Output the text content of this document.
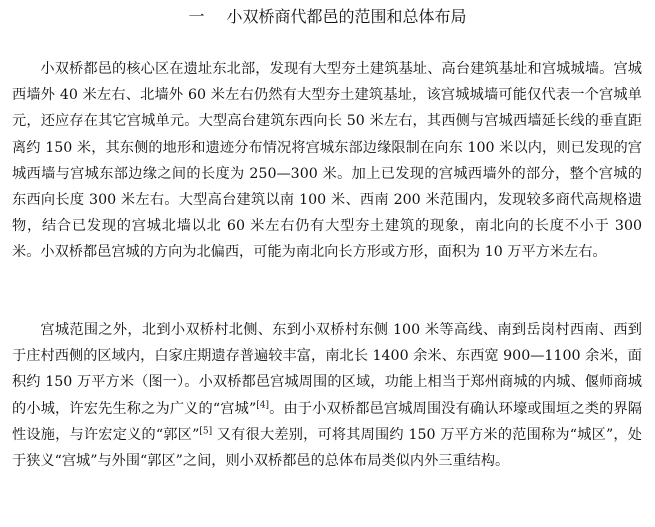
一 小双桥商代都邑的范围和总体布局

小双桥都邑的核心区在遗址东北部，发现有大型夯土建筑基址、高台建筑基址和宫城城墙。宫城西墙外 40 米左右、北墙外 60 米左右仍然有大型夯土建筑基址，该宫城城墙可能仅代表一个宫城单元，还应存在其它宫城单元。大型高台建筑东西向长 50 米左右，其西侧与宫城西墙延长线的垂直距离约 150 米，其东侧的地形和遗迹分布情况将宫城东部边缘限制在向东 100 米以内，则已发现的宫城西墙与宫城东部边缘之间的长度为 250—300 米。加上已发现的宫城西墙外的部分，整个宫城的东西向长度 300 米左右。大型高台建筑以南 100 米、西南 200 米范围内，发现较多商代高规格遗物，结合已发现的宫城北墙以北 60 米左右仍有大型夯土建筑的现象，南北向的长度不小于 300 米。小双桥都邑宫城的方向为北偏西，可能为南北向长方形或方形，面积为 10 万平方米左右。

宫城范围之外，北到小双桥村北侧、东到小双桥村东侧 100 米等高线、南到岳岗村西南、西到于庄村西侧的区域内，白家庄期遗存普遍较丰富，南北长 1400 余米、东西宽 900—1100 余米，面积约 150 万平方米（图一）。小双桥都邑宫城周围的区域，功能上相当于郑州商城的内城、偃师商城的小城，许宏先生称之为广义的“宫城”[4]。由于小双桥都邑宫城周围没有确认环壕或围垣之类的界隔性设施，与许宏定义的“郭区”[5] 又有很大差别，可将其周围约 150 万平方米的范围称为“城区”，处于狭义“宫城”与外围“郭区”之间，则小双桥都邑的总体布局类似内外三重结构。
